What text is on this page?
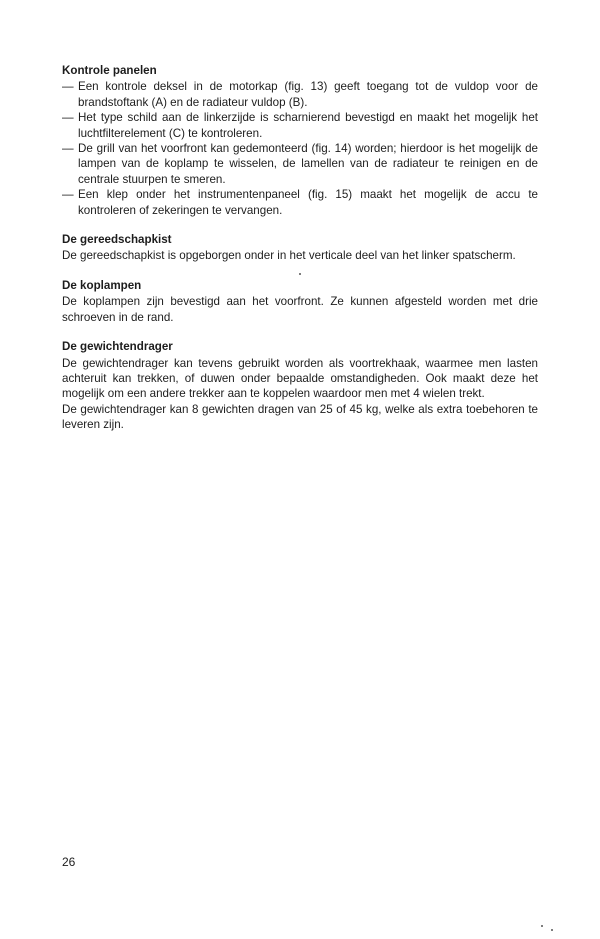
Kontrole panelen
— Een kontrole deksel in de motorkap (fig. 13) geeft toegang tot de vuldop voor de brandstoftank (A) en de radiateur vuldop (B).
— Het type schild aan de linkerzijde is scharnierend bevestigd en maakt het mogelijk het luchtfilterelement (C) te kontroleren.
— De grill van het voorfront kan gedemonteerd (fig. 14) worden; hierdoor is het mogelijk de lampen van de koplamp te wisselen, de lamellen van de radiateur te reinigen en de centrale stuurpen te smeren.
— Een klep onder het instrumentenpaneel (fig. 15) maakt het mogelijk de accu te kontroleren of zekeringen te vervangen.
De gereedschapkist

De gereedschapkist is opgeborgen onder in het verticale deel van het linker spatscherm.

De koplampen

De koplampen zijn bevestigd aan het voorfront. Ze kunnen afgesteld worden met drie schroeven in de rand.

De gewichtendrager

De gewichtendrager kan tevens gebruikt worden als voortrekhaak, waarmee men lasten achteruit kan trekken, of duwen onder bepaalde omstandigheden. Ook maakt deze het mogelijk om een andere trekker aan te koppelen waardoor men met 4 wielen trekt.

De gewichtendrager kan 8 gewichten dragen van 25 of 45 kg, welke als extra toebehoren te leveren zijn.

26
